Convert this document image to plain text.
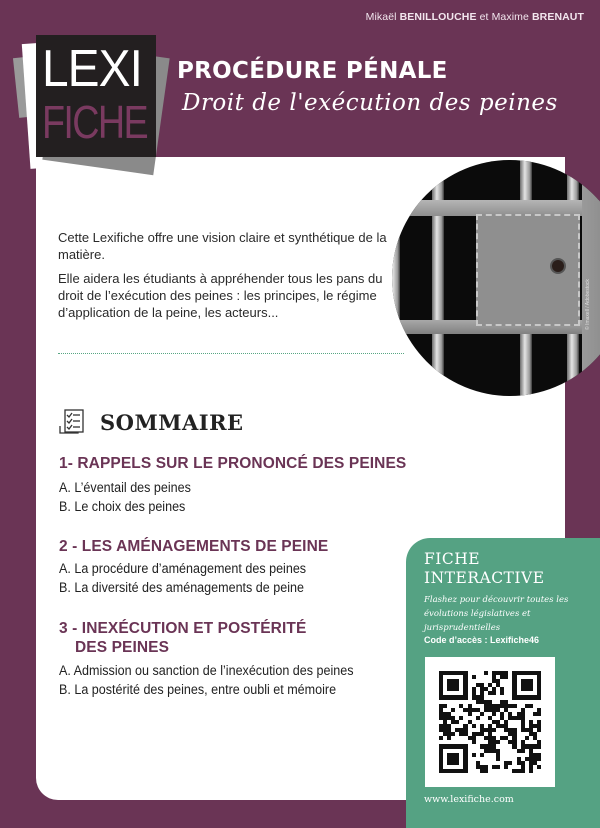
Mikaël BENILLOUCHE et Maxime BRENAUT
LEXI
FICHE
PROCÉDURE PÉNALE
Droit de l'exécution des peines
© Imaxell / Adobestock

Cette Lexifiche offre une vision claire et synthétique de la matière.

Elle aidera les étudiants à appréhender tous les pans du droit de l’exécution des peines : les principes, le régime d’application de la peine, les acteurs...

SOMMAIRE
1- RAPPELS SUR LE PRONONCÉ DES PEINES
A. L’éventail des peines
B. Le choix des peines
2 - LES AMÉNAGEMENTS DE PEINE
A. La procédure d’aménagement des peines
B. La diversité des aménagements de peine
3 - INEXÉCUTION ET POSTÉRITÉ
DES PEINES
A. Admission ou sanction de l’inexécution des peines
B. La postérité des peines, entre oubli et mémoire
FICHE
INTERACTIVE
Flashez pour découvrir toutes les évolutions législatives et jurisprudentielles
Code d’accès : Lexifiche46
www.lexifiche.com
